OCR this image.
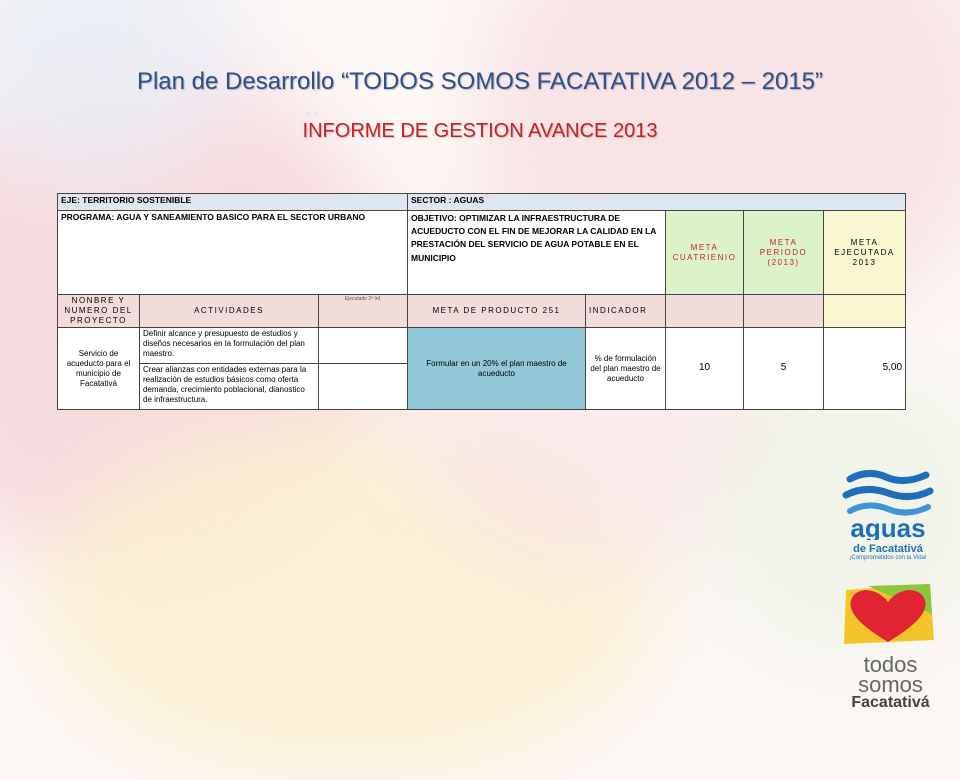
Plan de Desarrollo “TODOS SOMOS FACATATIVA 2012 – 2015”
INFORME DE GESTION AVANCE 2013
EJE: TERRITORIO SOSTENIBLE			SECTOR : AGUAS				
PROGRAMA: AGUA Y SANEAMIENTO BASICO PARA EL SECTOR URBANO			OBJETIVO: OPTIMIZAR LA INFRAESTRUCTURA DE ACUEDUCTO CON EL FIN DE MEJORAR LA CALIDAD EN LA PRESTACIÓN DEL SERVICIO DE AGUA POTABLE EN EL MUNICIPIO		META CUATRIENIO	META PERIODO (2013)	META EJECUTADA 2013
NONBRE Y NUMERO DEL PROYECTO	ACTIVIDADES	Ejecutado 2º Inf.	META DE PRODUCTO 251	INDICADOR			
Servicio de acueducto para el municipio de Facatativá	Definir alcance y presupuesto de estudios y diseños necesarios en la formulación del plan maestro.		Formular en un 20% el plan maestro de acueducto	% de formulación del plan maestro de acueducto	10	5	5,00
	Crear alianzas con entidades externas para la realización de estudios básicos como oferta demanda, crecimiento poblacional, dianostico de infraestructura.						
aguas
de Facatativá
¡Comprometidos con la Vida!
todos
somos
Facatativá
